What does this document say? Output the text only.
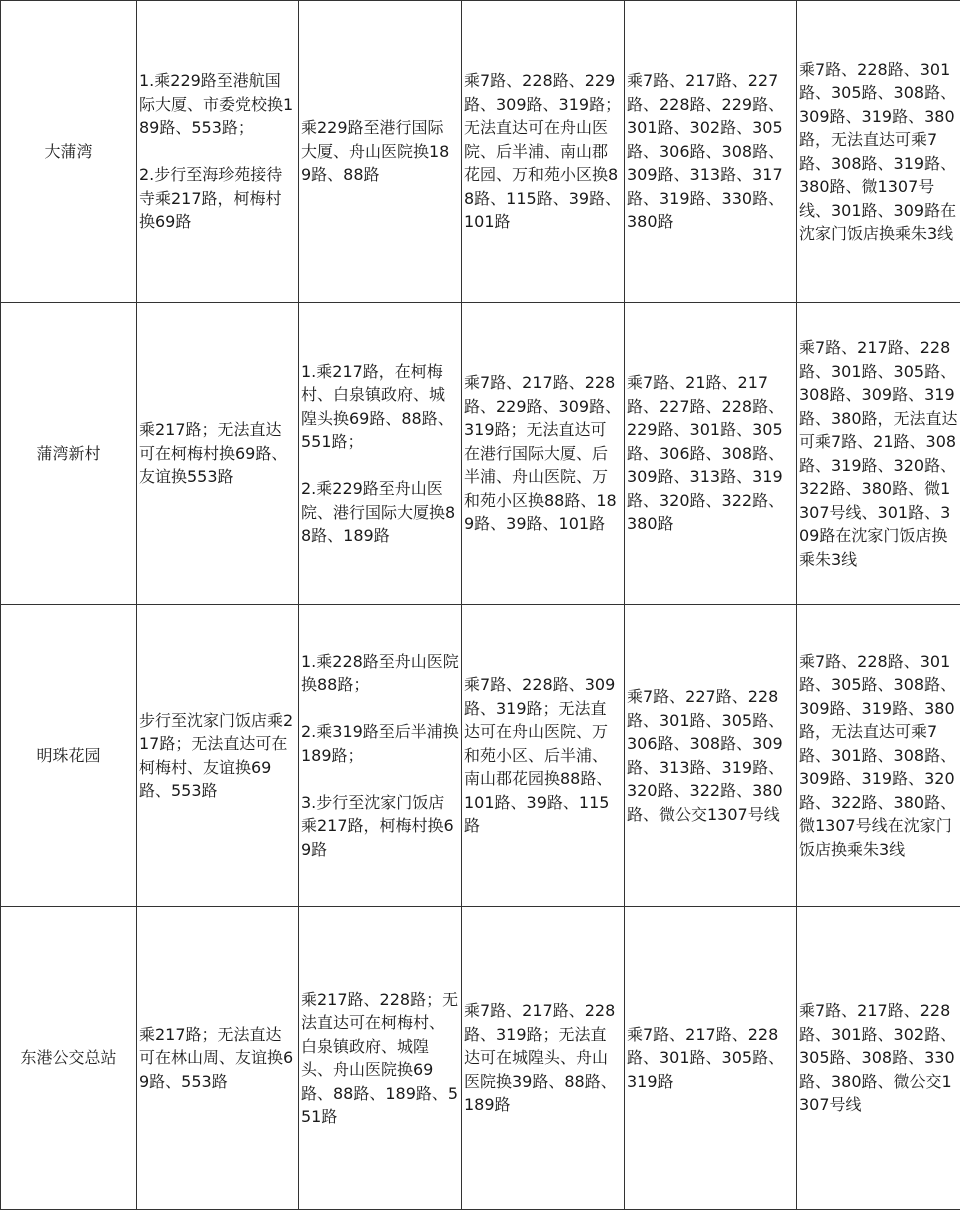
大蒲湾	1.乘229路至港航国际大厦、市委党校换189路、553路；
2.步行至海珍苑接待寺乘217路，柯梅村换69路	乘229路至港行国际大厦、舟山医院换189路、88路	乘7路、228路、229路、309路、319路；无法直达可在舟山医院、后半浦、南山郡花园、万和苑小区换88路、115路、39路、101路	乘7路、217路、227路、228路、229路、301路、302路、305路、306路、308路、309路、313路、317路、319路、330路、380路	乘7路、228路、301路、305路、308路、309路、319路、380路，无法直达可乘7路、308路、319路、380路、微1307号线、301路、309路在沈家门饭店换乘朱3线

蒲湾新村	乘217路；无法直达可在柯梅村换69路、友谊换553路	1.乘217路，在柯梅村、白泉镇政府、城隍头换69路、88路、551路；
2.乘229路至舟山医院、港行国际大厦换88路、189路	乘7路、217路、228路、229路、309路、319路；无法直达可在港行国际大厦、后半浦、舟山医院、万和苑小区换88路、189路、39路、101路	乘7路、21路、217路、227路、228路、229路、301路、305路、306路、308路、309路、313路、319路、320路、322路、380路	乘7路、217路、228路、301路、305路、308路、309路、319路、380路，无法直达可乘7路、21路、308路、319路、320路、322路、380路、微1307号线、301路、309路在沈家门饭店换乘朱3线

明珠花园	步行至沈家门饭店乘217路；无法直达可在柯梅村、友谊换69路、553路	1.乘228路至舟山医院换88路；
2.乘319路至后半浦换189路；
3.步行至沈家门饭店乘217路，柯梅村换69路	乘7路、228路、309路、319路；无法直达可在舟山医院、万和苑小区、后半浦、南山郡花园换88路、101路、39路、115路	乘7路、227路、228路、301路、305路、306路、308路、309路、313路、319路、320路、322路、380路、微公交1307号线	乘7路、228路、301路、305路、308路、309路、319路、380路，无法直达可乘7路、301路、308路、309路、319路、320路、322路、380路、微1307号线在沈家门饭店换乘朱3线

东港公交总站	乘217路；无法直达可在林山周、友谊换69路、553路	乘217路、228路；无法直达可在柯梅村、白泉镇政府、城隍头、舟山医院换69路、88路、189路、551路	乘7路、217路、228路、319路；无法直达可在城隍头、舟山医院换39路、88路、189路	乘7路、217路、228路、301路、305路、319路	乘7路、217路、228路、301路、302路、305路、308路、330路、380路、微公交1307号线
